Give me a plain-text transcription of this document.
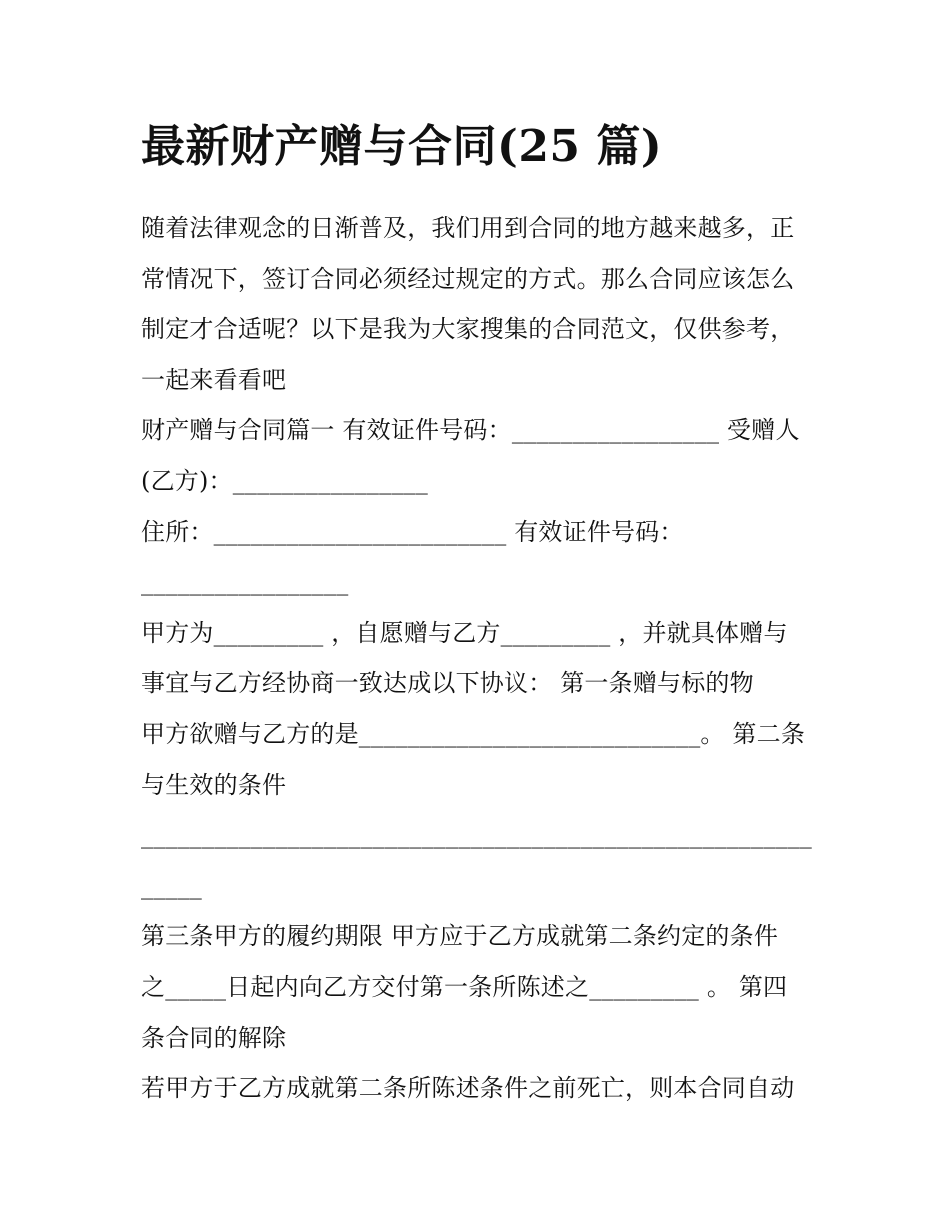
最新财产赠与合同(25 篇)
随着法律观念的日渐普及，我们用到合同的地方越来越多，正
常情况下，签订合同必须经过规定的方式。那么合同应该怎么
制定才合适呢？以下是我为大家搜集的合同范文，仅供参考，
一起来看看吧
财产赠与合同篇一 有效证件号码：_________________ 受赠人
(乙方)：________________
住所：________________________ 有效证件号码：
_________________
甲方为_________ ，自愿赠与乙方_________ ，并就具体赠与
事宜与乙方经协商一致达成以下协议： 第一条赠与标的物
甲方欲赠与乙方的是____________________________。 第二条
与生效的条件
_______________________________________________________
_____
第三条甲方的履约期限 甲方应于乙方成就第二条约定的条件
之_____日起内向乙方交付第一条所陈述之_________ 。 第四
条合同的解除
若甲方于乙方成就第二条所陈述条件之前死亡，则本合同自动
